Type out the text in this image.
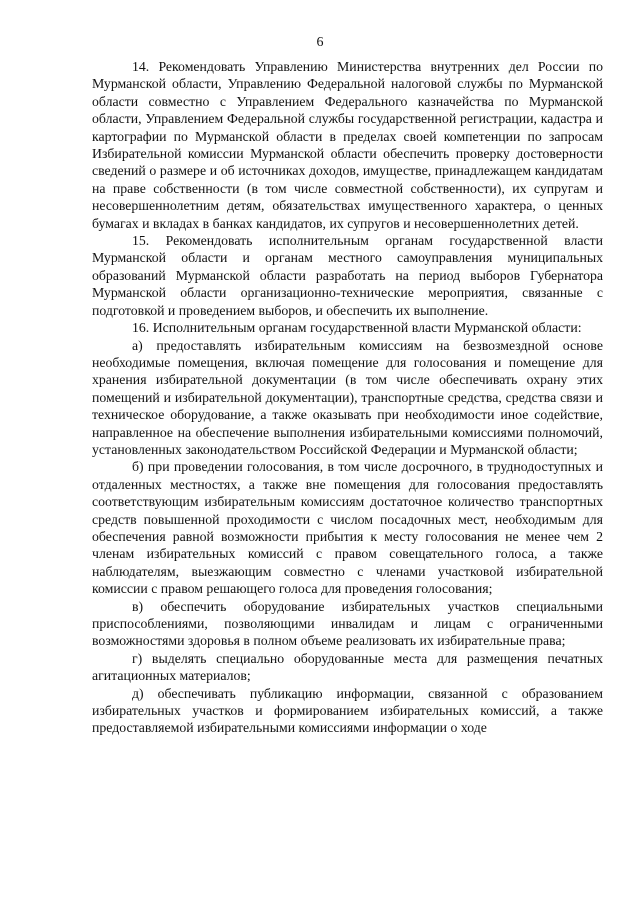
6

14. Рекомендовать Управлению Министерства внутренних дел России по Мурманской области, Управлению Федеральной налоговой службы по Мурманской области совместно с Управлением Федерального казначейства по Мурманской области, Управлением Федеральной службы государственной регистрации, кадастра и картографии по Мурманской области в пределах своей компетенции по запросам Избирательной комиссии Мурманской области обеспечить проверку достоверности сведений о размере и об источниках доходов, имуществе, принадлежащем кандидатам на праве собственности (в том числе совместной собственности), их супругам и несовершеннолетним детям, обязательствах имущественного характера, о ценных бумагах и вкладах в банках кандидатов, их супругов и несовершеннолетних детей.

15. Рекомендовать исполнительным органам государственной власти Мурманской области и органам местного самоуправления муниципальных образований Мурманской области разработать на период выборов Губернатора Мурманской области организационно-технические мероприятия, связанные с подготовкой и проведением выборов, и обеспечить их выполнение.

16. Исполнительным органам государственной власти Мурманской области:

а) предоставлять избирательным комиссиям на безвозмездной основе необходимые помещения, включая помещение для голосования и помещение для хранения избирательной документации (в том числе обеспечивать охрану этих помещений и избирательной документации), транспортные средства, средства связи и техническое оборудование, а также оказывать при необходимости иное содействие, направленное на обеспечение выполнения избирательными комиссиями полномочий, установленных законодательством Российской Федерации и Мурманской области;

б) при проведении голосования, в том числе досрочного, в труднодоступных и отдаленных местностях, а также вне помещения для голосования предоставлять соответствующим избирательным комиссиям достаточное количество транспортных средств повышенной проходимости с числом посадочных мест, необходимым для обеспечения равной возможности прибытия к месту голосования не менее чем 2 членам избирательных комиссий с правом совещательного голоса, а также наблюдателям, выезжающим совместно с членами участковой избирательной комиссии с правом решающего голоса для проведения голосования;

в) обеспечить оборудование избирательных участков специальными приспособлениями, позволяющими инвалидам и лицам с ограниченными возможностями здоровья в полном объеме реализовать их избирательные права;

г) выделять специально оборудованные места для размещения печатных агитационных материалов;

д) обеспечивать публикацию информации, связанной с образованием избирательных участков и формированием избирательных комиссий, а также предоставляемой избирательными комиссиями информации о ходе
